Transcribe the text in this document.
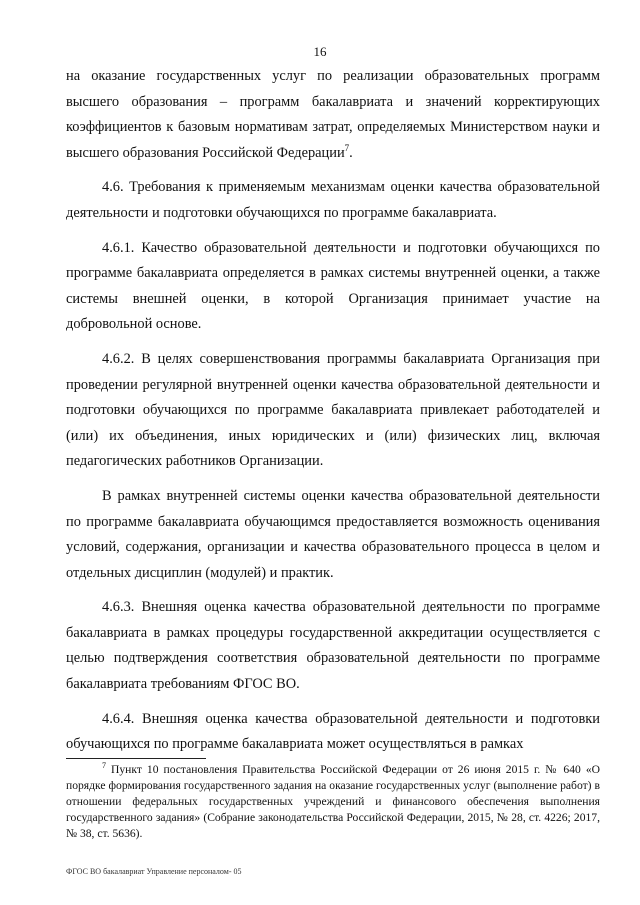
16

на оказание государственных услуг по реализации образовательных программ высшего образования – программ бакалавриата и значений корректирующих коэффициентов к базовым нормативам затрат, определяемых Министерством науки и высшего образования Российской Федерации$^7$.

4.6. Требования к применяемым механизмам оценки качества образовательной деятельности и подготовки обучающихся по программе бакалавриата.

4.6.1. Качество образовательной деятельности и подготовки обучающихся по программе бакалавриата определяется в рамках системы внутренней оценки, а также системы внешней оценки, в которой Организация принимает участие на добровольной основе.

4.6.2. В целях совершенствования программы бакалавриата Организация при проведении регулярной внутренней оценки качества образовательной деятельности и подготовки обучающихся по программе бакалавриата привлекает работодателей и (или) их объединения, иных юридических и (или) физических лиц, включая педагогических работников Организации.

В рамках внутренней системы оценки качества образовательной деятельности по программе бакалавриата обучающимся предоставляется возможность оценивания условий, содержания, организации и качества образовательного процесса в целом и отдельных дисциплин (модулей) и практик.

4.6.3. Внешняя оценка качества образовательной деятельности по программе бакалавриата в рамках процедуры государственной аккредитации осуществляется с целью подтверждения соответствия образовательной деятельности по программе бакалавриата требованиям ФГОС ВО.

4.6.4. Внешняя оценка качества образовательной деятельности и подготовки обучающихся по программе бакалавриата может осуществляться в рамках

$^7$ Пункт 10 постановления Правительства Российской Федерации от 26 июня 2015 г. № 640 «О порядке формирования государственного задания на оказание государственных услуг (выполнение работ) в отношении федеральных государственных учреждений и финансового обеспечения выполнения государственного задания» (Собрание законодательства Российской Федерации, 2015, № 28, ст. 4226; 2017, № 38, ст. 5636).

ФГОС ВО бакалавриат Управление персоналом- 05
